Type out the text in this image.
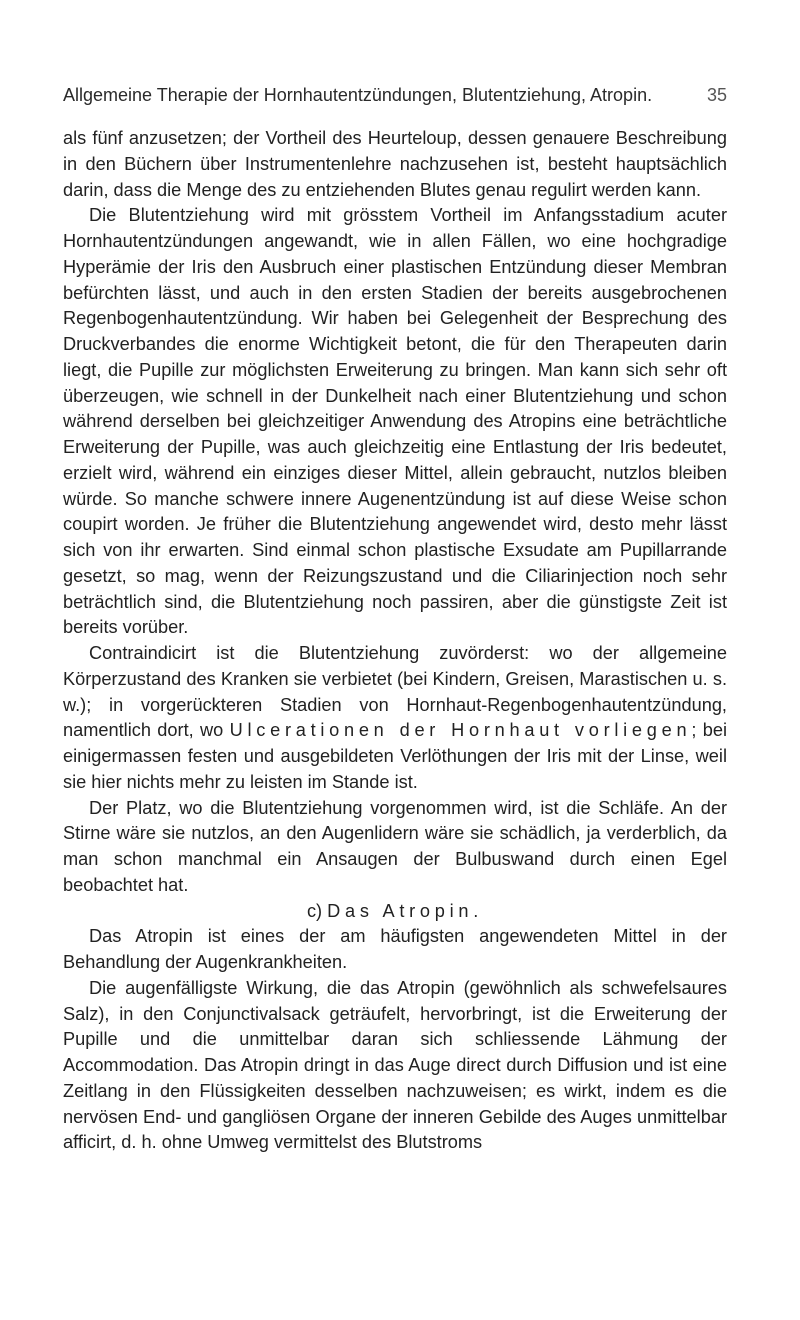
Allgemeine Therapie der Hornhautentzündungen, Blutentziehung, Atropin.	35

als fünf anzusetzen; der Vortheil des Heurteloup, dessen genauere Beschreibung in den Büchern über Instrumentenlehre nachzusehen ist, besteht hauptsächlich darin, dass die Menge des zu entziehenden Blutes genau regulirt werden kann.

Die Blutentziehung wird mit grösstem Vortheil im Anfangsstadium acuter Hornhautentzündungen angewandt, wie in allen Fällen, wo eine hochgradige Hyperämie der Iris den Ausbruch einer plastischen Entzündung dieser Membran befürchten lässt, und auch in den ersten Stadien der bereits ausgebrochenen Regenbogenhautentzündung. Wir haben bei Gelegenheit der Besprechung des Druckverbandes die enorme Wichtigkeit betont, die für den Therapeuten darin liegt, die Pupille zur möglichsten Erweiterung zu bringen. Man kann sich sehr oft überzeugen, wie schnell in der Dunkelheit nach einer Blutentziehung und schon während derselben bei gleichzeitiger Anwendung des Atropins eine beträchtliche Erweiterung der Pupille, was auch gleichzeitig eine Entlastung der Iris bedeutet, erzielt wird, während ein einziges dieser Mittel, allein gebraucht, nutzlos bleiben würde. So manche schwere innere Augenentzündung ist auf diese Weise schon coupirt worden. Je früher die Blutentziehung angewendet wird, desto mehr lässt sich von ihr erwarten. Sind einmal schon plastische Exsudate am Pupillarrande gesetzt, so mag, wenn der Reizungszustand und die Ciliarinjection noch sehr beträchtlich sind, die Blutentziehung noch passiren, aber die günstigste Zeit ist bereits vorüber.

Contraindicirt ist die Blutentziehung zuvörderst: wo der allgemeine Körperzustand des Kranken sie verbietet (bei Kindern, Greisen, Marastischen u. s. w.); in vorgerückteren Stadien von Hornhaut-Regenbogenhautentzündung, namentlich dort, wo Ulcerationen der Hornhaut vorliegen; bei einigermassen festen und ausgebildeten Verlöthungen der Iris mit der Linse, weil sie hier nichts mehr zu leisten im Stande ist.

Der Platz, wo die Blutentziehung vorgenommen wird, ist die Schläfe. An der Stirne wäre sie nutzlos, an den Augenlidern wäre sie schädlich, ja verderblich, da man schon manchmal ein Ansaugen der Bulbuswand durch einen Egel beobachtet hat.

c) Das Atropin.

Das Atropin ist eines der am häufigsten angewendeten Mittel in der Behandlung der Augenkrankheiten.

Die augenfälligste Wirkung, die das Atropin (gewöhnlich als schwefelsaures Salz), in den Conjunctivalsack geträufelt, hervorbringt, ist die Erweiterung der Pupille und die unmittelbar daran sich schliessende Lähmung der Accommodation. Das Atropin dringt in das Auge direct durch Diffusion und ist eine Zeitlang in den Flüssigkeiten desselben nachzuweisen; es wirkt, indem es die nervösen End- und gangliösen Organe der inneren Gebilde des Auges unmittelbar afficirt, d. h. ohne Umweg vermittelst des Blutstroms
